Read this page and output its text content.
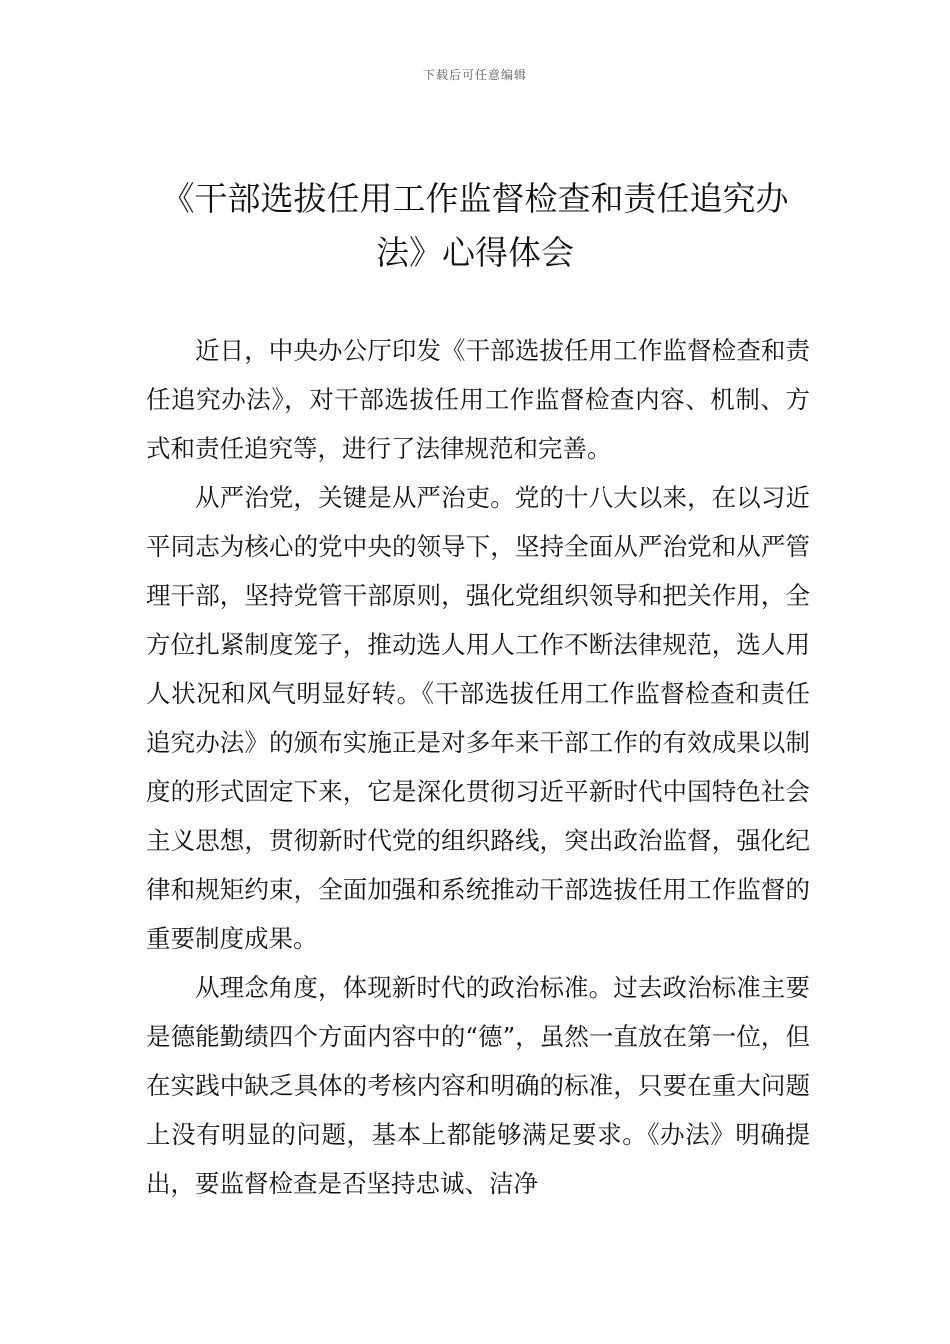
下载后可任意编辑
《干部选拔任用工作监督检查和责任追究办法》心得体会

近日，中央办公厅印发《干部选拔任用工作监督检查和责任追究办法》，对干部选拔任用工作监督检查内容、机制、方式和责任追究等，进行了法律规范和完善。

从严治党，关键是从严治吏。党的十八大以来，在以习近平同志为核心的党中央的领导下，坚持全面从严治党和从严管理干部，坚持党管干部原则，强化党组织领导和把关作用，全方位扎紧制度笼子，推动选人用人工作不断法律规范，选人用人状况和风气明显好转。《干部选拔任用工作监督检查和责任追究办法》的颁布实施正是对多年来干部工作的有效成果以制度的形式固定下来，它是深化贯彻习近平新时代中国特色社会主义思想，贯彻新时代党的组织路线，突出政治监督，强化纪律和规矩约束，全面加强和系统推动干部选拔任用工作监督的重要制度成果。

从理念角度，体现新时代的政治标准。过去政治标准主要是德能勤绩四个方面内容中的“德”，虽然一直放在第一位，但在实践中缺乏具体的考核内容和明确的标准，只要在重大问题上没有明显的问题，基本上都能够满足要求。《办法》明确提出，要监督检查是否坚持忠诚、洁净
